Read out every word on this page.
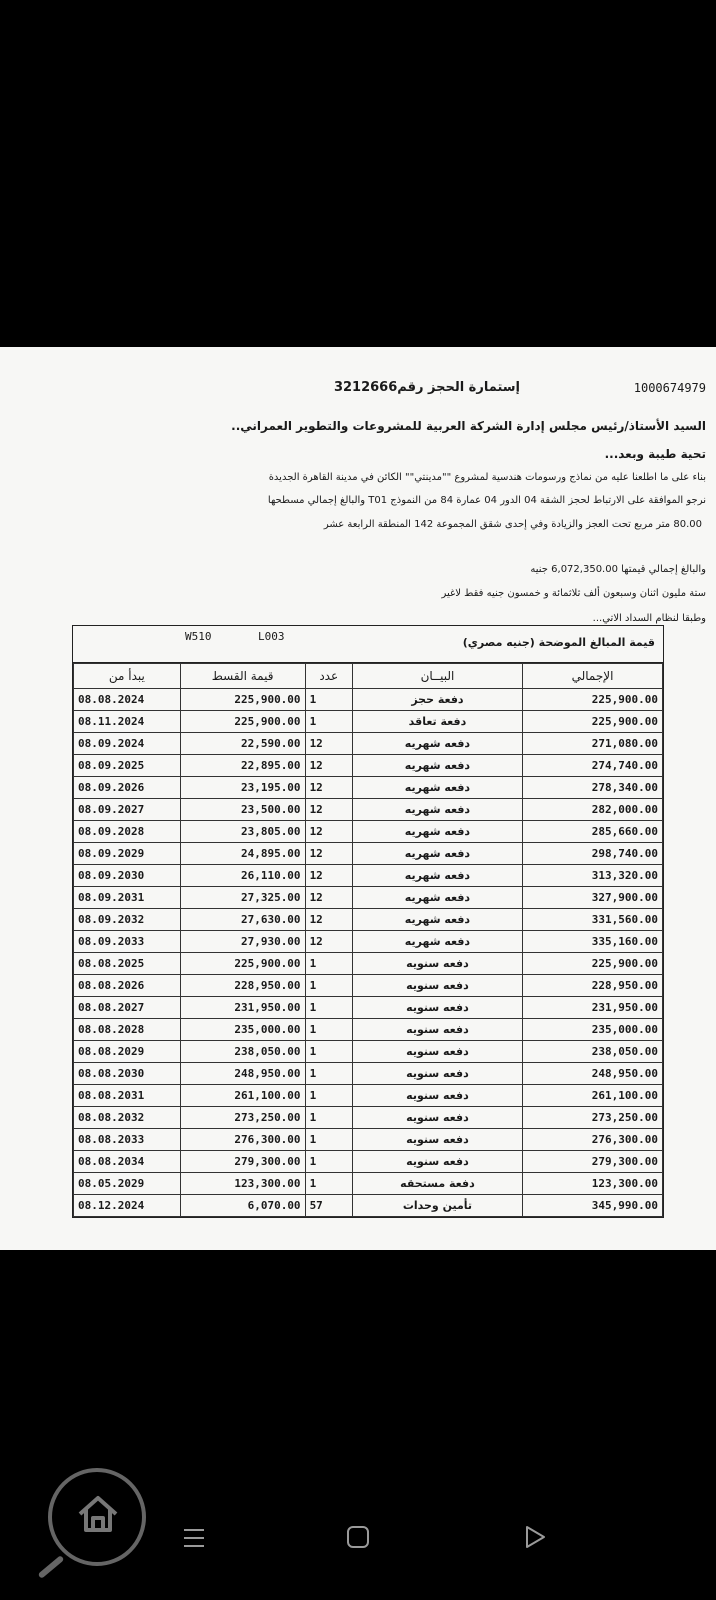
1000674979
إستمارة الحجز رقم3212666
السيد الأستاذ/رئيس مجلس إدارة الشركة العربية للمشروعات والتطوير العمراني..
تحية طيبة وبعد...
بناء على ما اطلعنا عليه من نماذج ورسومات هندسية لمشروع ""مدينتي"" الكائن في مدينة القاهرة الجديدة
نرجو الموافقة على الارتباط لحجز الشقة 04 الدور 04 عمارة 84 من النموذج T01 والبالغ إجمالي مسطحها
80.00 متر مربع تحت العجز والزيادة وفي إحدى شقق المجموعة 142 المنطقة الرابعة عشر
والبالغ إجمالي قيمتها 6,072,350.00 جنيه
ستة مليون اثنان وسبعون ألف ثلاثمائة و خمسون جنيه فقط لاغير
وطبقا لنظام السداد الاتي...
W510	L003	قيمة المبالغ الموضحة (جنيه مصري)
يبدأ من	قيمة القسط	عدد	البيــان	الإجمالي
08.08.2024	225,900.00	1	دفعة حجز	225,900.00
08.11.2024	225,900.00	1	دفعة تعاقد	225,900.00
08.09.2024	22,590.00	12	دفعه شهريه	271,080.00
08.09.2025	22,895.00	12	دفعه شهريه	274,740.00
08.09.2026	23,195.00	12	دفعه شهريه	278,340.00
08.09.2027	23,500.00	12	دفعه شهريه	282,000.00
08.09.2028	23,805.00	12	دفعه شهريه	285,660.00
08.09.2029	24,895.00	12	دفعه شهريه	298,740.00
08.09.2030	26,110.00	12	دفعه شهريه	313,320.00
08.09.2031	27,325.00	12	دفعه شهريه	327,900.00
08.09.2032	27,630.00	12	دفعه شهريه	331,560.00
08.09.2033	27,930.00	12	دفعه شهريه	335,160.00
08.08.2025	225,900.00	1	دفعه سنويه	225,900.00
08.08.2026	228,950.00	1	دفعه سنويه	228,950.00
08.08.2027	231,950.00	1	دفعه سنويه	231,950.00
08.08.2028	235,000.00	1	دفعه سنويه	235,000.00
08.08.2029	238,050.00	1	دفعه سنويه	238,050.00
08.08.2030	248,950.00	1	دفعه سنويه	248,950.00
08.08.2031	261,100.00	1	دفعه سنويه	261,100.00
08.08.2032	273,250.00	1	دفعه سنويه	273,250.00
08.08.2033	276,300.00	1	دفعه سنويه	276,300.00
08.08.2034	279,300.00	1	دفعه سنويه	279,300.00
08.05.2029	123,300.00	1	دفعة مستحقه	123,300.00
08.12.2024	6,070.00	57	تأمين وحدات	345,990.00
